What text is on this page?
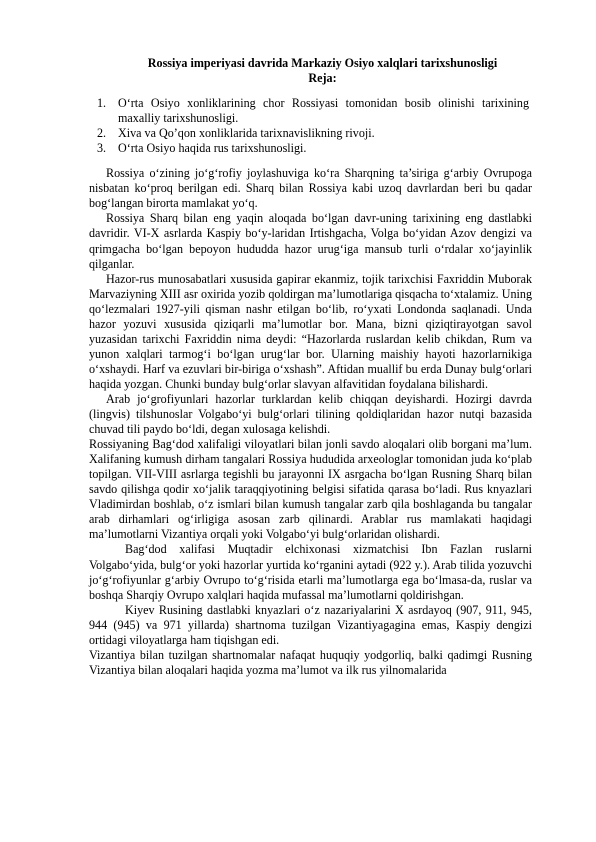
Rossiya imperiyasi davrida Markaziy Osiyo xalqlari tarixshunosligi
Reja:
1. O‘rta Osiyo xonliklarining chor Rossiyasi tomonidan bosib olinishi tarixining maxalliy tarixshunosligi.
2. Xiva va Qo’qon xonliklarida tarixnavislikning rivoji.
3. O‘rta Osiyo haqida rus tarixshunosligi.

Rossiya o‘zining jo‘g‘rofiy joylashuviga ko‘ra Sharqning ta’siriga g‘arbiy Ovrupoga nisbatan ko‘proq berilgan edi. Sharq bilan Rossiya kabi uzoq davrlardan beri bu qadar bog‘langan birorta mamlakat yo‘q.

Rossiya Sharq bilan eng yaqin aloqada bo‘lgan davr-uning tarixining eng dastlabki davridir. VI-X asrlarda Kaspiy bo‘y-laridan Irtishgacha, Volga bo‘yidan Azov dengizi va qrimgacha bo‘lgan bepoyon hududda hazor urug‘iga mansub turli o‘rdalar xo‘jayinlik qilganlar.

Hazor-rus munosabatlari xususida gapirar ekanmiz, tojik tarixchisi Faxriddin Muborak Marvaziyning XIII asr oxirida yozib qoldirgan ma’lumotlariga qisqacha to‘xtalamiz. Uning qo‘lezmalari 1927-yili qisman nashr etilgan bo‘lib, ro‘yxati Londonda saqlanadi. Unda hazor yozuvi xususida qiziqarli ma’lumotlar bor. Mana, bizni qiziqtirayotgan savol yuzasidan tarixchi Faxriddin nima deydi: “Hazorlarda ruslardan kelib chikdan, Rum va yunon xalqlari tarmog‘i bo‘lgan urug‘lar bor. Ularning maishiy hayoti hazorlarnikiga o‘xshaydi. Harf va ezuvlari bir-biriga o‘xshash”. Aftidan muallif bu erda Dunay bulg‘orlari haqida yozgan. Chunki bunday bulg‘orlar slavyan alfavitidan foydalana bilishardi.

Arab jo‘grofiyunlari hazorlar turklardan kelib chiqqan deyishardi. Hozirgi davrda (lingvis) tilshunoslar Volgabo‘yi bulg‘orlari tilining qoldiqlaridan hazor nutqi bazasida chuvad tili paydo bo‘ldi, degan xulosaga kelishdi.

Rossiyaning Bag‘dod xalifaligi viloyatlari bilan jonli savdo aloqalari olib borgani ma’lum. Xalifaning kumush dirham tangalari Rossiya hududida arxeologlar tomonidan juda ko‘plab topilgan. VII-VIII asrlarga tegishli bu jarayonni IX asrgacha bo‘lgan Rusning Sharq bilan savdo qilishga qodir xo‘jalik taraqqiyotining belgisi sifatida qarasa bo‘ladi. Rus knyazlari Vladimirdan boshlab, o‘z ismlari bilan kumush tangalar zarb qila boshlaganda bu tangalar arab dirhamlari og‘irligiga asosan zarb qilinardi. Arablar rus mamlakati haqidagi ma’lumotlarni Vizantiya orqali yoki Volgabo‘yi bulg‘orlaridan olishardi.

Bag‘dod xalifasi Muqtadir elchixonasi xizmatchisi Ibn Fazlan ruslarni Volgabo‘yida, bulg‘or yoki hazorlar yurtida ko‘rganini aytadi (922 y.). Arab tilida yozuvchi jo‘g‘rofiyunlar g‘arbiy Ovrupo to‘g‘risida etarli ma’lumotlarga ega bo‘lmasa-da, ruslar va boshqa Sharqiy Ovrupo xalqlari haqida mufassal ma’lumotlarni qoldirishgan.

Kiyev Rusining dastlabki knyazlari o‘z nazariyalarini X asrdayoq (907, 911, 945, 944 (945) va 971 yillarda) shartnoma tuzilgan Vizantiyagagina emas, Kaspiy dengizi ortidagi viloyatlarga ham tiqishgan edi.

Vizantiya bilan tuzilgan shartnomalar nafaqat huquqiy yodgorliq, balki qadimgi Rusning Vizantiya bilan aloqalari haqida yozma ma’lumot va ilk rus yilnomalarida
